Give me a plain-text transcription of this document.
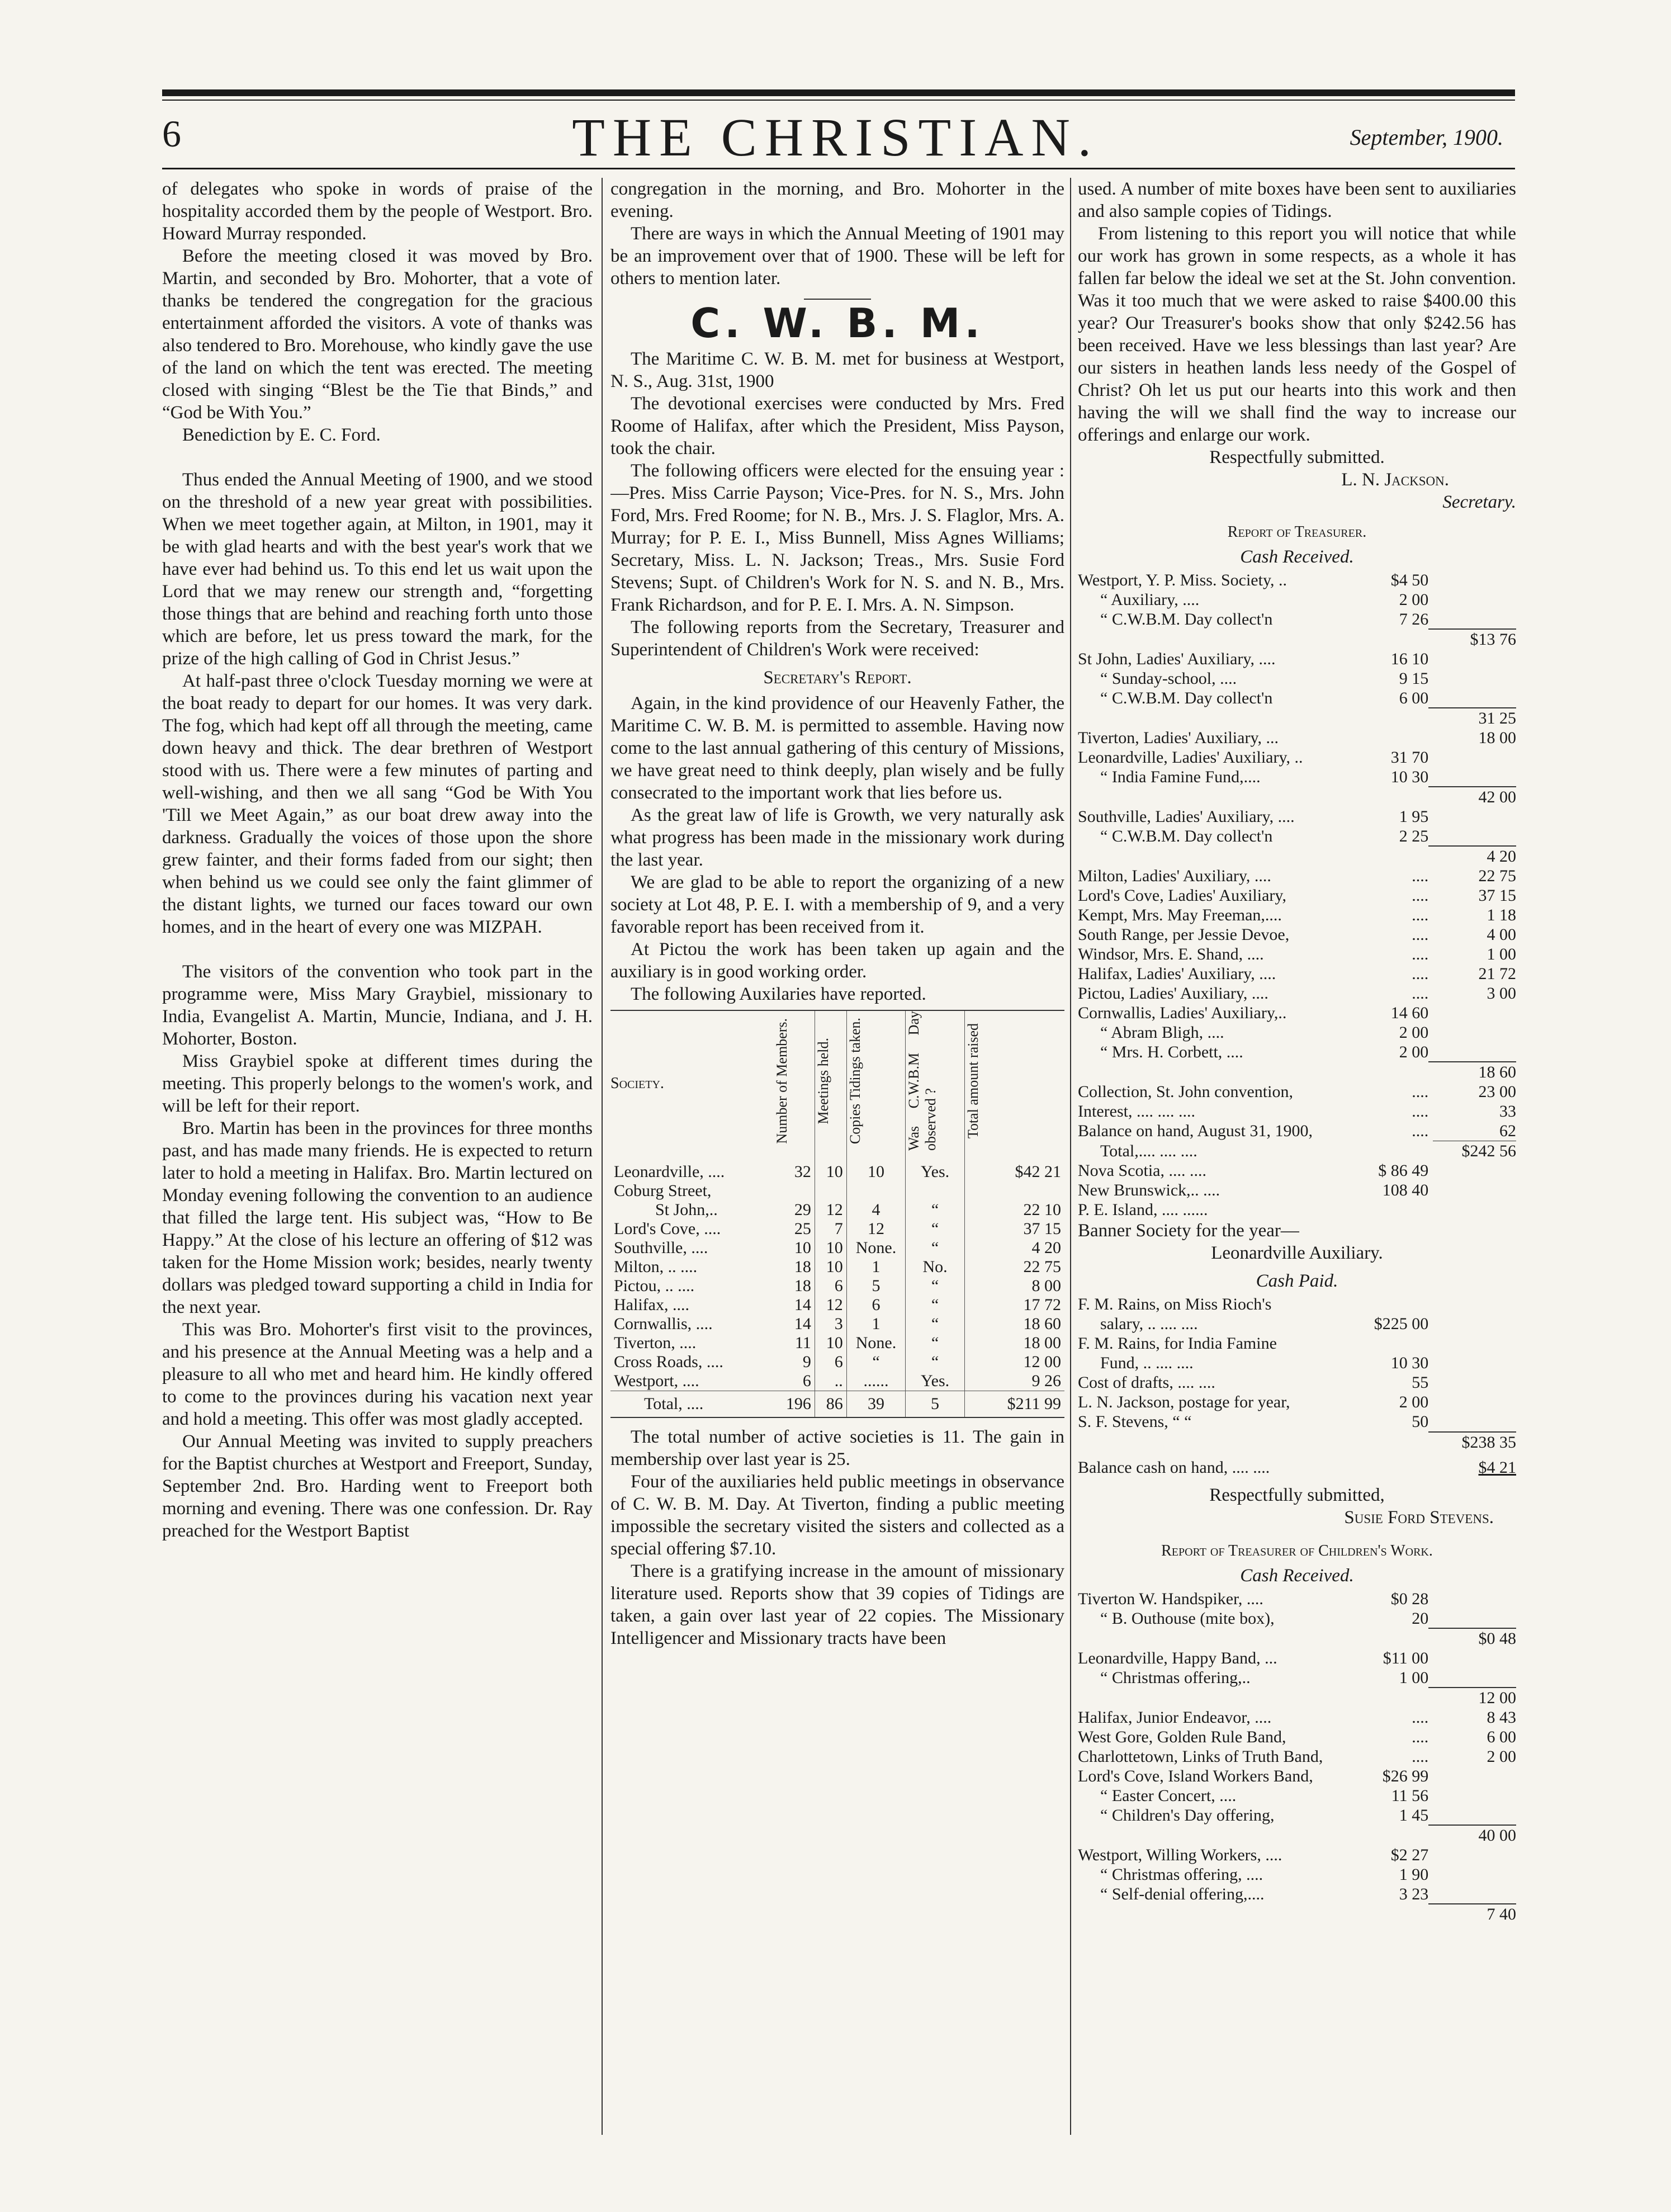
6	THE CHRISTIAN.	September, 1900.

of delegates who spoke in words of praise of the hospitality accorded them by the people of Westport. Bro. Howard Murray responded.

Before the meeting closed it was moved by Bro. Martin, and seconded by Bro. Mohorter, that a vote of thanks be tendered the congregation for the gracious entertainment afforded the visitors. A vote of thanks was also tendered to Bro. Morehouse, who kindly gave the use of the land on which the tent was erected. The meeting closed with singing “Blest be the Tie that Binds,” and “God be With You.”

Benediction by E. C. Ford.

Thus ended the Annual Meeting of 1900, and we stood on the threshold of a new year great with possibilities. When we meet together again, at Milton, in 1901, may it be with glad hearts and with the best year's work that we have ever had behind us. To this end let us wait upon the Lord that we may renew our strength and, “forgetting those things that are behind and reaching forth unto those which are before, let us press toward the mark, for the prize of the high calling of God in Christ Jesus.”

At half-past three o'clock Tuesday morning we were at the boat ready to depart for our homes. It was very dark. The fog, which had kept off all through the meeting, came down heavy and thick. The dear brethren of Westport stood with us. There were a few minutes of parting and well-wishing, and then we all sang “God be With You 'Till we Meet Again,” as our boat drew away into the darkness. Gradually the voices of those upon the shore grew fainter, and their forms faded from our sight; then when behind us we could see only the faint glimmer of the distant lights, we turned our faces toward our own homes, and in the heart of every one was MIZPAH.

The visitors of the convention who took part in the programme were, Miss Mary Graybiel, missionary to India, Evangelist A. Martin, Muncie, Indiana, and J. H. Mohorter, Boston.

Miss Graybiel spoke at different times during the meeting. This properly belongs to the women's work, and will be left for their report.

Bro. Martin has been in the provinces for three months past, and has made many friends. He is expected to return later to hold a meeting in Halifax. Bro. Martin lectured on Monday evening following the convention to an audience that filled the large tent. His subject was, “How to Be Happy.” At the close of his lecture an offering of $12 was taken for the Home Mission work; besides, nearly twenty dollars was pledged toward supporting a child in India for the next year.

This was Bro. Mohorter's first visit to the provinces, and his presence at the Annual Meeting was a help and a pleasure to all who met and heard him. He kindly offered to come to the provinces during his vacation next year and hold a meeting. This offer was most gladly accepted.

Our Annual Meeting was invited to supply preachers for the Baptist churches at Westport and Freeport, Sunday, September 2nd. Bro. Harding went to Freeport both morning and evening. There was one confession. Dr. Ray preached for the Westport Baptist

congregation in the morning, and Bro. Mohorter in the evening.

There are ways in which the Annual Meeting of 1901 may be an improvement over that of 1900. These will be left for others to mention later.

C. W. B. M.

The Maritime C. W. B. M. met for business at Westport, N. S., Aug. 31st, 1900

The devotional exercises were conducted by Mrs. Fred Roome of Halifax, after which the President, Miss Payson, took the chair.

The following officers were elected for the ensuing year :—Pres. Miss Carrie Payson; Vice-Pres. for N. S., Mrs. John Ford, Mrs. Fred Roome; for N. B., Mrs. J. S. Flaglor, Mrs. A. Murray; for P. E. I., Miss Bunnell, Miss Agnes Williams; Secretary, Miss. L. N. Jackson; Treas., Mrs. Susie Ford Stevens; Supt. of Children's Work for N. S. and N. B., Mrs. Frank Richardson, and for P. E. I. Mrs. A. N. Simpson.

The following reports from the Secretary, Treasurer and Superintendent of Children's Work were received:

Secretary's Report.

Again, in the kind providence of our Heavenly Father, the Maritime C. W. B. M. is permitted to assemble. Having now come to the last annual gathering of this century of Missions, we have great need to think deeply, plan wisely and be fully consecrated to the important work that lies before us.

As the great law of life is Growth, we very naturally ask what progress has been made in the missionary work during the last year.

We are glad to be able to report the organizing of a new society at Lot 48, P. E. I. with a membership of 9, and a very favorable report has been received from it.

At Pictou the work has been taken up again and the auxiliary is in good working order.

The following Auxilaries have reported.

Society.	Number of Members.	Meetings held.	Copies Tidings taken.	Was C.W.B.M Day observed ?	Total amount raised
Leonardville, ....	32	10	10	Yes.	$42 21
Coburg Street,					
St John,..	29	12	4	“	22 10
Lord's Cove, ....	25	7	12	“	37 15
Southville, ....	10	10	None.	“	4 20
Milton, .. ....	18	10	1	No.	22 75
Pictou, .. ....	18	6	5	“	8 00
Halifax, ....	14	12	6	“	17 72
Cornwallis, ....	14	3	1	“	18 60
Tiverton, ....	11	10	None.	“	18 00
Cross Roads, ....	9	6	“	“	12 00
Westport, ....	6	..	......	Yes.	9 26
Total, ....	196	86	39	5	$211 99

The total number of active societies is 11. The gain in membership over last year is 25.

Four of the auxiliaries held public meetings in observance of C. W. B. M. Day. At Tiverton, finding a public meeting impossible the secretary visited the sisters and collected as a special offering $7.10.

There is a gratifying increase in the amount of missionary literature used. Reports show that 39 copies of Tidings are taken, a gain over last year of 22 copies. The Missionary Intelligencer and Missionary tracts have been

used. A number of mite boxes have been sent to auxiliaries and also sample copies of Tidings.

From listening to this report you will notice that while our work has grown in some respects, as a whole it has fallen far below the ideal we set at the St. John convention. Was it too much that we were asked to raise $400.00 this year? Our Treasurer's books show that only $242.56 has been received. Have we less blessings than last year? Are our sisters in heathen lands less needy of the Gospel of Christ? Oh let us put our hearts into this work and then having the will we shall find the way to increase our offerings and enlarge our work.

Respectfully submitted.

L. N. Jackson.

Secretary.

Report of Treasurer.

Cash Received.

Westport, Y. P. Miss. Society, ..	$4 50	
“ Auxiliary, ....	2 00	
“ C.W.B.M. Day collect'n	7 26	
		$13 76
St John, Ladies' Auxiliary, ....	16 10	
“ Sunday-school, ....	9 15	
“ C.W.B.M. Day collect'n	6 00	
		31 25
Tiverton, Ladies' Auxiliary, ...		18 00
Leonardville, Ladies' Auxiliary, ..	31 70	
“ India Famine Fund,....	10 30	
		42 00
Southville, Ladies' Auxiliary, ....	1 95	
“ C.W.B.M. Day collect'n	2 25	
		4 20
Milton, Ladies' Auxiliary, ....	....	22 75
Lord's Cove, Ladies' Auxiliary,	....	37 15
Kempt, Mrs. May Freeman,....	....	1 18
South Range, per Jessie Devoe,	....	4 00
Windsor, Mrs. E. Shand, ....	....	1 00
Halifax, Ladies' Auxiliary, ....	....	21 72
Pictou, Ladies' Auxiliary, ....	....	3 00
Cornwallis, Ladies' Auxiliary,..	14 60	
“ Abram Bligh, ....	2 00	
“ Mrs. H. Corbett, ....	2 00	
		18 60
Collection, St. John convention,	....	23 00
Interest, .... .... ....	....	33
Balance on hand, August 31, 1900,	....	62
Total,.... .... ....		$242 56
Nova Scotia, .... ....	$ 86 49	
New Brunswick,.. ....	108 40	
P. E. Island, .... ......		

Banner Society for the year—

Leonardville Auxiliary.

Cash Paid.

F. M. Rains, on Miss Rioch's		
salary, .. .... ....	$225 00	
F. M. Rains, for India Famine		
Fund, .. .... ....	10 30	
Cost of drafts, .... ....	55	
L. N. Jackson, postage for year,	2 00	
S. F. Stevens, “ “	50	
		$238 35
Balance cash on hand, .... ....		$4 21

Respectfully submitted,

Susie Ford Stevens.

Report of Treasurer of Children's Work.

Cash Received.

Tiverton W. Handspiker, ....	$0 28	
“ B. Outhouse (mite box),	20	
		$0 48
Leonardville, Happy Band, ...	$11 00	
“ Christmas offering,..	1 00	
		12 00
Halifax, Junior Endeavor, ....	....	8 43
West Gore, Golden Rule Band,	....	6 00
Charlottetown, Links of Truth Band,	....	2 00
Lord's Cove, Island Workers Band,	$26 99	
“ Easter Concert, ....	11 56	
“ Children's Day offering,	1 45	
		40 00
Westport, Willing Workers, ....	$2 27	
“ Christmas offering, ....	1 90	
“ Self-denial offering,....	3 23	
		7 40
